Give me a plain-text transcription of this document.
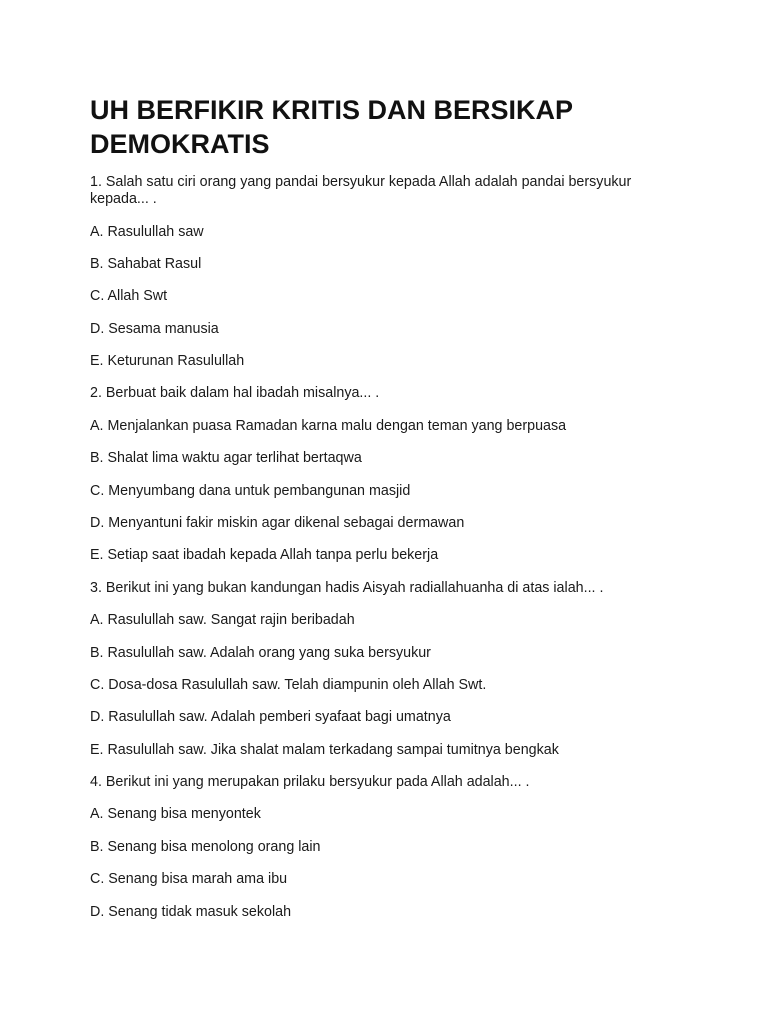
UH BERFIKIR KRITIS DAN BERSIKAP DEMOKRATIS

1. Salah satu ciri orang yang pandai bersyukur kepada Allah adalah pandai bersyukur kepada... .

A. Rasulullah saw

B. Sahabat Rasul

C. Allah Swt

D. Sesama manusia

E. Keturunan Rasulullah

2. Berbuat baik dalam hal ibadah misalnya... .

A. Menjalankan puasa Ramadan karna malu dengan teman yang berpuasa

B. Shalat lima waktu agar terlihat bertaqwa

C. Menyumbang dana untuk pembangunan masjid

D. Menyantuni fakir miskin agar dikenal sebagai dermawan

E. Setiap saat ibadah kepada Allah tanpa perlu bekerja

3. Berikut ini yang bukan kandungan hadis Aisyah radiallahuanha di atas ialah... .

A. Rasulullah saw. Sangat rajin beribadah

B. Rasulullah saw. Adalah orang yang suka bersyukur

C. Dosa-dosa Rasulullah saw. Telah diampunin oleh Allah Swt.

D. Rasulullah saw. Adalah pemberi syafaat bagi umatnya

E. Rasulullah saw. Jika shalat malam terkadang sampai tumitnya bengkak

4. Berikut ini yang merupakan prilaku bersyukur pada Allah adalah... .

A. Senang bisa menyontek

B. Senang bisa menolong orang lain

C. Senang bisa marah ama ibu

D. Senang tidak masuk sekolah
